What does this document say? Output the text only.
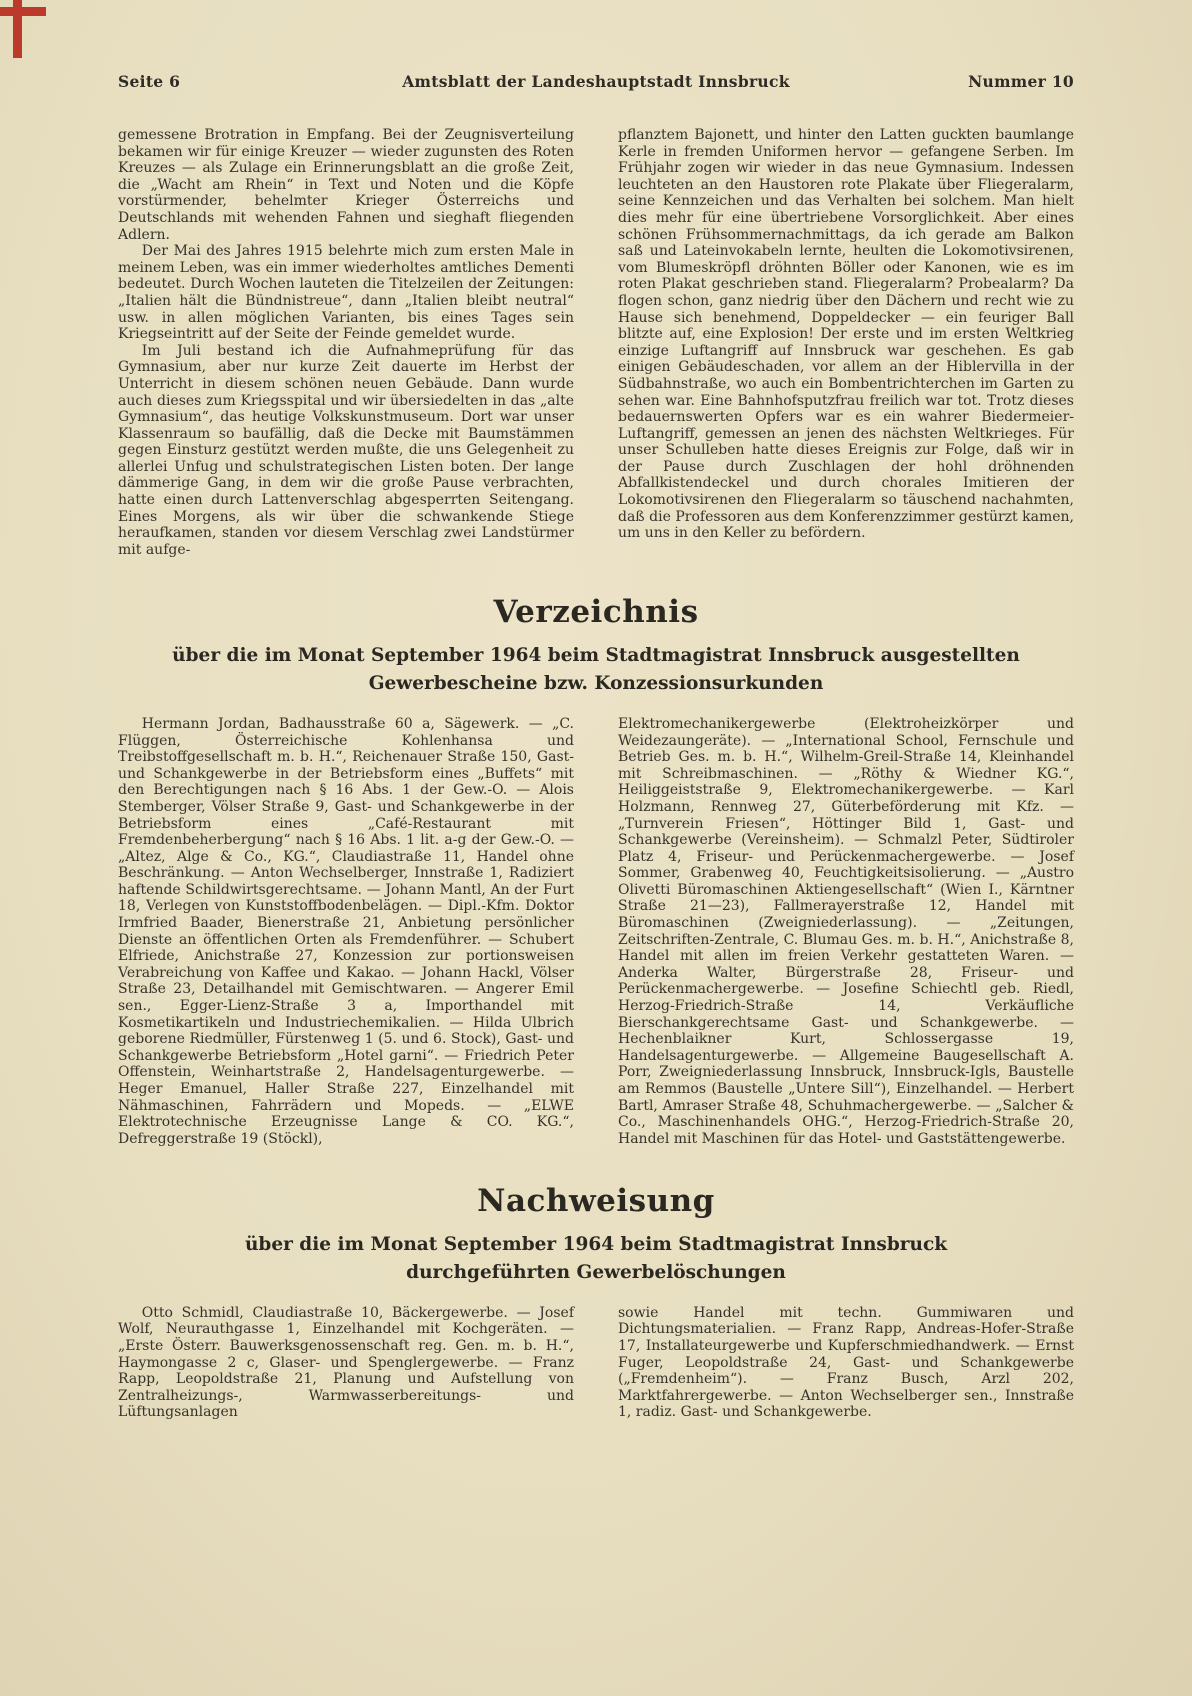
Seite 6	Amtsblatt der Landeshauptstadt Innsbruck	Nummer 10

gemessene Brotration in Empfang. Bei der Zeugnisverteilung bekamen wir für einige Kreuzer — wieder zugunsten des Roten Kreuzes — als Zulage ein Erinnerungsblatt an die große Zeit, die „Wacht am Rhein“ in Text und Noten und die Köpfe vorstürmender, behelmter Krieger Österreichs und Deutschlands mit wehenden Fahnen und sieghaft fliegenden Adlern.

Der Mai des Jahres 1915 belehrte mich zum ersten Male in meinem Leben, was ein immer wiederholtes amtliches Dementi bedeutet. Durch Wochen lauteten die Titelzeilen der Zeitungen: „Italien hält die Bündnistreue“, dann „Italien bleibt neutral“ usw. in allen möglichen Varianten, bis eines Tages sein Kriegseintritt auf der Seite der Feinde gemeldet wurde.

Im Juli bestand ich die Aufnahmeprüfung für das Gymnasium, aber nur kurze Zeit dauerte im Herbst der Unterricht in diesem schönen neuen Gebäude. Dann wurde auch dieses zum Kriegsspital und wir übersiedelten in das „alte Gymnasium“, das heutige Volkskunstmuseum. Dort war unser Klassenraum so baufällig, daß die Decke mit Baumstämmen gegen Einsturz gestützt werden mußte, die uns Gelegenheit zu allerlei Unfug und schulstrategischen Listen boten. Der lange dämmerige Gang, in dem wir die große Pause verbrachten, hatte einen durch Lattenverschlag abgesperrten Seitengang. Eines Morgens, als wir über die schwankende Stiege heraufkamen, standen vor diesem Verschlag zwei Landstürmer mit aufge-

pflanztem Bajonett, und hinter den Latten guckten baumlange Kerle in fremden Uniformen hervor — gefangene Serben. Im Frühjahr zogen wir wieder in das neue Gymnasium. Indessen leuchteten an den Haustoren rote Plakate über Fliegeralarm, seine Kennzeichen und das Verhalten bei solchem. Man hielt dies mehr für eine übertriebene Vorsorglichkeit. Aber eines schönen Frühsommernachmittags, da ich gerade am Balkon saß und Lateinvokabeln lernte, heulten die Lokomotivsirenen, vom Blumeskröpfl dröhnten Böller oder Kanonen, wie es im roten Plakat geschrieben stand. Fliegeralarm? Probealarm? Da flogen schon, ganz niedrig über den Dächern und recht wie zu Hause sich benehmend, Doppeldecker — ein feuriger Ball blitzte auf, eine Explosion! Der erste und im ersten Weltkrieg einzige Luftangriff auf Innsbruck war geschehen. Es gab einigen Gebäudeschaden, vor allem an der Hiblervilla in der Südbahnstraße, wo auch ein Bombentrichterchen im Garten zu sehen war. Eine Bahnhofsputzfrau freilich war tot. Trotz dieses bedauernswerten Opfers war es ein wahrer Biedermeier-Luftangriff, gemessen an jenen des nächsten Weltkrieges. Für unser Schulleben hatte dieses Ereignis zur Folge, daß wir in der Pause durch Zuschlagen der hohl dröhnenden Abfallkistendeckel und durch chorales Imitieren der Lokomotivsirenen den Fliegeralarm so täuschend nachahmten, daß die Professoren aus dem Konferenzzimmer gestürzt kamen, um uns in den Keller zu befördern.

Verzeichnis
über die im Monat September 1964 beim Stadtmagistrat Innsbruck ausgestellten
Gewerbescheine bzw. Konzessionsurkunden

Hermann Jordan, Badhausstraße 60 a, Sägewerk. — „C. Flüggen, Österreichische Kohlenhansa und Treibstoffgesellschaft m. b. H.“, Reichenauer Straße 150, Gast- und Schankgewerbe in der Betriebsform eines „Buffets“ mit den Berechtigungen nach § 16 Abs. 1 der Gew.-O. — Alois Stemberger, Völser Straße 9, Gast- und Schankgewerbe in der Betriebsform eines „Café-Restaurant mit Fremdenbeherbergung“ nach § 16 Abs. 1 lit. a-g der Gew.-O. — „Altez, Alge & Co., KG.“, Claudiastraße 11, Handel ohne Beschränkung. — Anton Wechselberger, Innstraße 1, Radiziert haftende Schildwirtsgerechtsame. — Johann Mantl, An der Furt 18, Verlegen von Kunststoffbodenbelägen. — Dipl.-Kfm. Doktor Irmfried Baader, Bienerstraße 21, Anbietung persönlicher Dienste an öffentlichen Orten als Fremdenführer. — Schubert Elfriede, Anichstraße 27, Konzession zur portionsweisen Verabreichung von Kaffee und Kakao. — Johann Hackl, Völser Straße 23, Detailhandel mit Gemischtwaren. — Angerer Emil sen., Egger-Lienz-Straße 3 a, Importhandel mit Kosmetikartikeln und Industriechemikalien. — Hilda Ulbrich geborene Riedmüller, Fürstenweg 1 (5. und 6. Stock), Gast- und Schankgewerbe Betriebsform „Hotel garni“. — Friedrich Peter Offenstein, Weinhartstraße 2, Handelsagenturgewerbe. — Heger Emanuel, Haller Straße 227, Einzelhandel mit Nähmaschinen, Fahrrädern und Mopeds. — „ELWE Elektrotechnische Erzeugnisse Lange & CO. KG.“, Defreggerstraße 19 (Stöckl),

Elektromechanikergewerbe (Elektroheizkörper und Weidezaungeräte). — „International School, Fernschule und Betrieb Ges. m. b. H.“, Wilhelm-Greil-Straße 14, Kleinhandel mit Schreibmaschinen. — „Röthy & Wiedner KG.“, Heiliggeiststraße 9, Elektromechanikergewerbe. — Karl Holzmann, Rennweg 27, Güterbeförderung mit Kfz. — „Turnverein Friesen“, Höttinger Bild 1, Gast- und Schankgewerbe (Vereinsheim). — Schmalzl Peter, Südtiroler Platz 4, Friseur- und Perückenmachergewerbe. — Josef Sommer, Grabenweg 40, Feuchtigkeitsisolierung. — „Austro Olivetti Büromaschinen Aktiengesellschaft“ (Wien I., Kärntner Straße 21—23), Fallmerayerstraße 12, Handel mit Büromaschinen (Zweigniederlassung). — „Zeitungen, Zeitschriften-Zentrale, C. Blumau Ges. m. b. H.“, Anichstraße 8, Handel mit allen im freien Verkehr gestatteten Waren. — Anderka Walter, Bürgerstraße 28, Friseur- und Perückenmachergewerbe. — Josefine Schiechtl geb. Riedl, Herzog-Friedrich-Straße 14, Verkäufliche Bierschankgerechtsame Gast- und Schankgewerbe. — Hechenblaikner Kurt, Schlossergasse 19, Handelsagenturgewerbe. — Allgemeine Baugesellschaft A. Porr, Zweigniederlassung Innsbruck, Innsbruck-Igls, Baustelle am Remmos (Baustelle „Untere Sill“), Einzelhandel. — Herbert Bartl, Amraser Straße 48, Schuhmachergewerbe. — „Salcher & Co., Maschinenhandels OHG.“, Herzog-Friedrich-Straße 20, Handel mit Maschinen für das Hotel- und Gaststättengewerbe.

Nachweisung
über die im Monat September 1964 beim Stadtmagistrat Innsbruck
durchgeführten Gewerbelöschungen

Otto Schmidl, Claudiastraße 10, Bäckergewerbe. — Josef Wolf, Neurauthgasse 1, Einzelhandel mit Kochgeräten. — „Erste Österr. Bauwerksgenossenschaft reg. Gen. m. b. H.“, Haymongasse 2 c, Glaser- und Spenglergewerbe. — Franz Rapp, Leopoldstraße 21, Planung und Aufstellung von Zentralheizungs-, Warmwasserbereitungs- und Lüftungsanlagen

sowie Handel mit techn. Gummiwaren und Dichtungsmaterialien. — Franz Rapp, Andreas-Hofer-Straße 17, Installateurgewerbe und Kupferschmiedhandwerk. — Ernst Fuger, Leopoldstraße 24, Gast- und Schankgewerbe („Fremdenheim“). — Franz Busch, Arzl 202, Marktfahrergewerbe. — Anton Wechselberger sen., Innstraße 1, radiz. Gast- und Schankgewerbe.
